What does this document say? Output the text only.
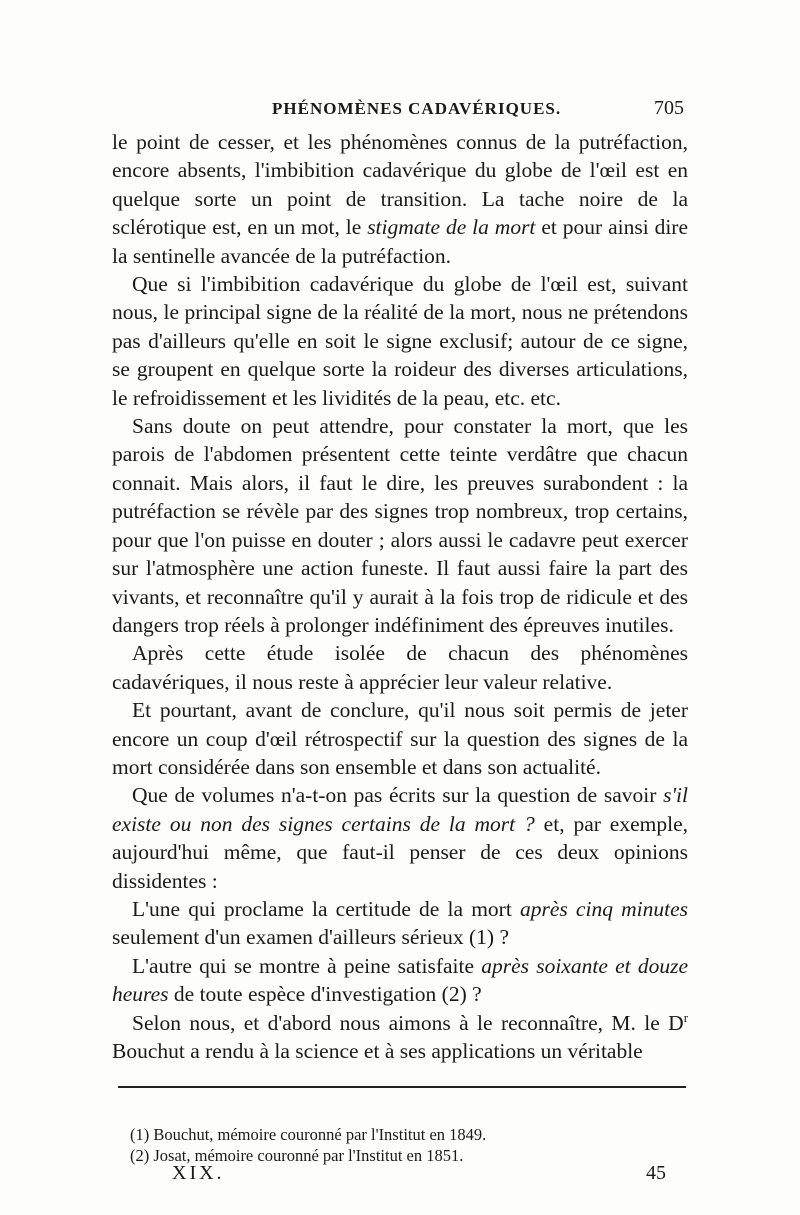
PHÉNOMÈNES CADAVÉRIQUES.	705

le point de cesser, et les phénomènes connus de la putréfaction, encore absents, l'imbibition cadavérique du globe de l'œil est en quelque sorte un point de transition. La tache noire de la sclérotique est, en un mot, le stigmate de la mort et pour ainsi dire la sentinelle avancée de la putréfaction.

Que si l'imbibition cadavérique du globe de l'œil est, suivant nous, le principal signe de la réalité de la mort, nous ne prétendons pas d'ailleurs qu'elle en soit le signe exclusif; autour de ce signe, se groupent en quelque sorte la roideur des diverses articulations, le refroidissement et les lividités de la peau, etc. etc.

Sans doute on peut attendre, pour constater la mort, que les parois de l'abdomen présentent cette teinte verdâtre que chacun connait. Mais alors, il faut le dire, les preuves surabondent : la putréfaction se révèle par des signes trop nombreux, trop certains, pour que l'on puisse en douter ; alors aussi le cadavre peut exercer sur l'atmosphère une action funeste. Il faut aussi faire la part des vivants, et reconnaître qu'il y aurait à la fois trop de ridicule et des dangers trop réels à prolonger indéfiniment des épreuves inutiles.

Après cette étude isolée de chacun des phénomènes cadavériques, il nous reste à apprécier leur valeur relative.

Et pourtant, avant de conclure, qu'il nous soit permis de jeter encore un coup d'œil rétrospectif sur la question des signes de la mort considérée dans son ensemble et dans son actualité.

Que de volumes n'a-t-on pas écrits sur la question de savoir s'il existe ou non des signes certains de la mort ? et, par exemple, aujourd'hui même, que faut-il penser de ces deux opinions dissidentes :

L'une qui proclame la certitude de la mort après cinq minutes seulement d'un examen d'ailleurs sérieux (1) ?

L'autre qui se montre à peine satisfaite après soixante et douze heures de toute espèce d'investigation (2) ?

Selon nous, et d'abord nous aimons à le reconnaître, M. le $D^r$ Bouchut a rendu à la science et à ses applications un véritable

(1) Bouchut, mémoire couronné par l'Institut en 1849.
(2) Josat, mémoire couronné par l'Institut en 1851.
XIX.	45
